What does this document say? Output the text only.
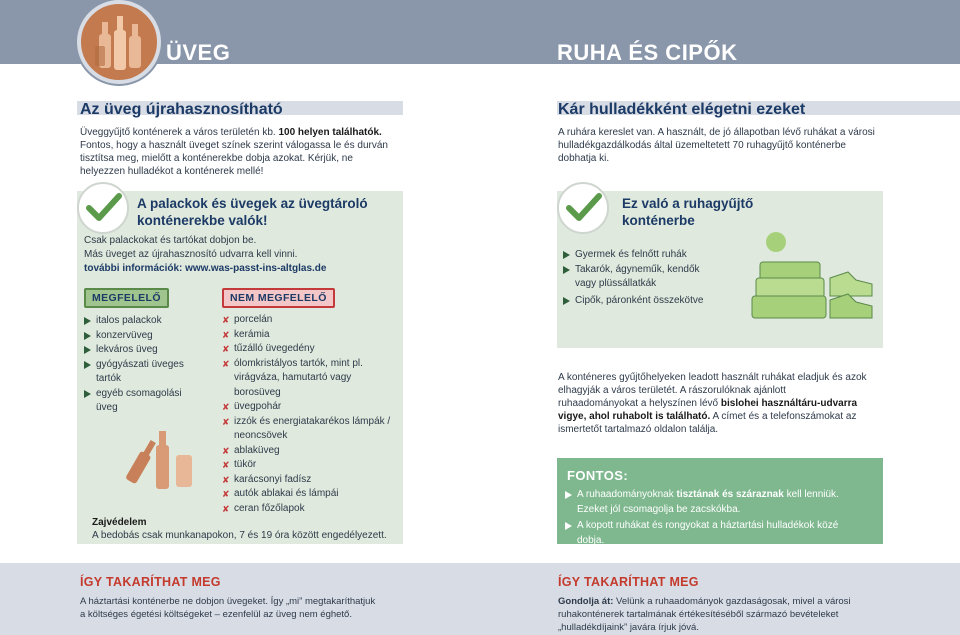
ÜVEG	RUHA ÉS CIPŐK
Az üveg újrahasznosítható
Üveggyűjtő konténerek a város területén kb. 100 helyen találhatók. Fontos, hogy a használt üveget színek szerint válogassa le és durván tisztítsa meg, mielőtt a konténerekbe dobja azokat. Kérjük, ne helyezzen hulladékot a konténerek mellé!
A palackok és üvegek az üvegtároló konténerekbe valók!
Csak palackokat és tartókat dobjon be.
Más üveget az újrahasznosító udvarra kell vinni.
további információk: www.was-passt-ins-altglas.de
MEGFELELŐ	NEM MEGFELELŐ
italos palackok
konzervüveg
lekváros üveg
gyógyászati üveges tartók
egyéb csomagolási üveg
✘ porcelán
✘ kerámia
✘ tűzálló üvegedény
✘ ólomkristályos tartók, mint pl. virágváza, hamutartó vagy borosüveg
✘ üvegpohár
✘ izzók és energiatakarékos lámpák / neoncsövek
✘ ablaküveg
✘ tükör
✘ karácsonyi fadísz
✘ autók ablakai és lámpái
✘ ceran főzőlapok
Zajvédelem
A bedobás csak munkanapokon, 7 és 19 óra között engedélyezett.
Kár hulladékként elégetni ezeket
A ruhára kereslet van. A használt, de jó állapotban lévő ruhákat a városi hulladékgazdálkodás által üzemeltetett 70 ruhagyűjtő konténerbe dobhatja ki.
Ez való a ruhagyűjtő konténerbe
Gyermek és felnőtt ruhák
Takarók, ágyneműk, kendők vagy plüssállatkák
Cipők, páronként összekötve
A konténeres gyűjtőhelyeken leadott használt ruhákat eladjuk és azok elhagyják a város területét. A rászorulóknak ajánlott ruhaadományokat a helyszínen lévő bislohei használtáru-udvarra vigye, ahol ruhabolt is található. A címet és a telefonszámokat az ismertetőt tartalmazó oldalon találja.
FONTOS:
A ruhaadományoknak tisztának és száraznak kell lenniük. Ezeket jól csomagolja be zacskókba.
A kopott ruhákat és rongyokat a háztartási hulladékok közé dobja.
ÍGY TAKARÍTHAT MEG
A háztartási konténerbe ne dobjon üvegeket. Így „mi” megtakaríthatjuk a költséges égetési költségeket – ezenfelül az üveg nem éghető.
ÍGY TAKARÍTHAT MEG
Gondolja át: Velünk a ruhaadományok gazdaságosak, mivel a városi ruhakonténerek tartalmának értékesítéséből származó bevételeket „hulladékdíjaink” javára írjuk jóvá.
